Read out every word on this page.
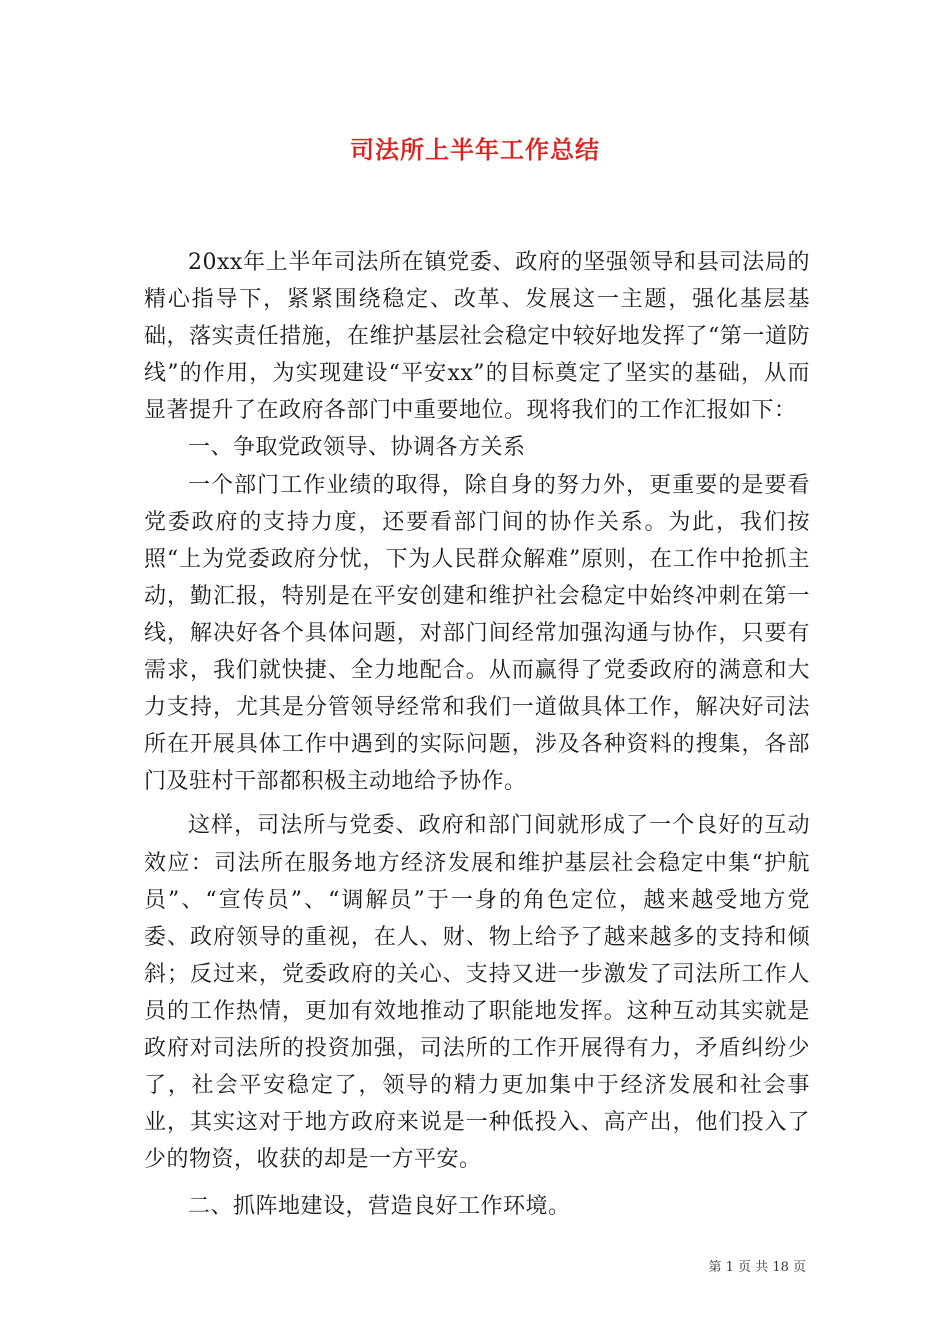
司法所上半年工作总结

20xx年上半年司法所在镇党委、政府的坚强领导和县司法局的精心指导下，紧紧围绕稳定、改革、发展这一主题，强化基层基础，落实责任措施，在维护基层社会稳定中较好地发挥了“第一道防线”的作用，为实现建设“平安xx”的目标奠定了坚实的基础，从而显著提升了在政府各部门中重要地位。现将我们的工作汇报如下：

一、争取党政领导、协调各方关系

一个部门工作业绩的取得，除自身的努力外，更重要的是要看党委政府的支持力度，还要看部门间的协作关系。为此，我们按照“上为党委政府分忧，下为人民群众解难”原则，在工作中抢抓主动，勤汇报，特别是在平安创建和维护社会稳定中始终冲刺在第一线，解决好各个具体问题，对部门间经常加强沟通与协作，只要有需求，我们就快捷、全力地配合。从而赢得了党委政府的满意和大力支持，尤其是分管领导经常和我们一道做具体工作，解决好司法所在开展具体工作中遇到的实际问题，涉及各种资料的搜集，各部门及驻村干部都积极主动地给予协作。

这样，司法所与党委、政府和部门间就形成了一个良好的互动效应：司法所在服务地方经济发展和维护基层社会稳定中集“护航员”、“宣传员”、“调解员”于一身的角色定位，越来越受地方党委、政府领导的重视，在人、财、物上给予了越来越多的支持和倾斜；反过来，党委政府的关心、支持又进一步激发了司法所工作人员的工作热情，更加有效地推动了职能地发挥。这种互动其实就是政府对司法所的投资加强，司法所的工作开展得有力，矛盾纠纷少了，社会平安稳定了，领导的精力更加集中于经济发展和社会事业，其实这对于地方政府来说是一种低投入、高产出，他们投入了少的物资，收获的却是一方平安。

二、抓阵地建设，营造良好工作环境。

第 1 页 共 18 页
